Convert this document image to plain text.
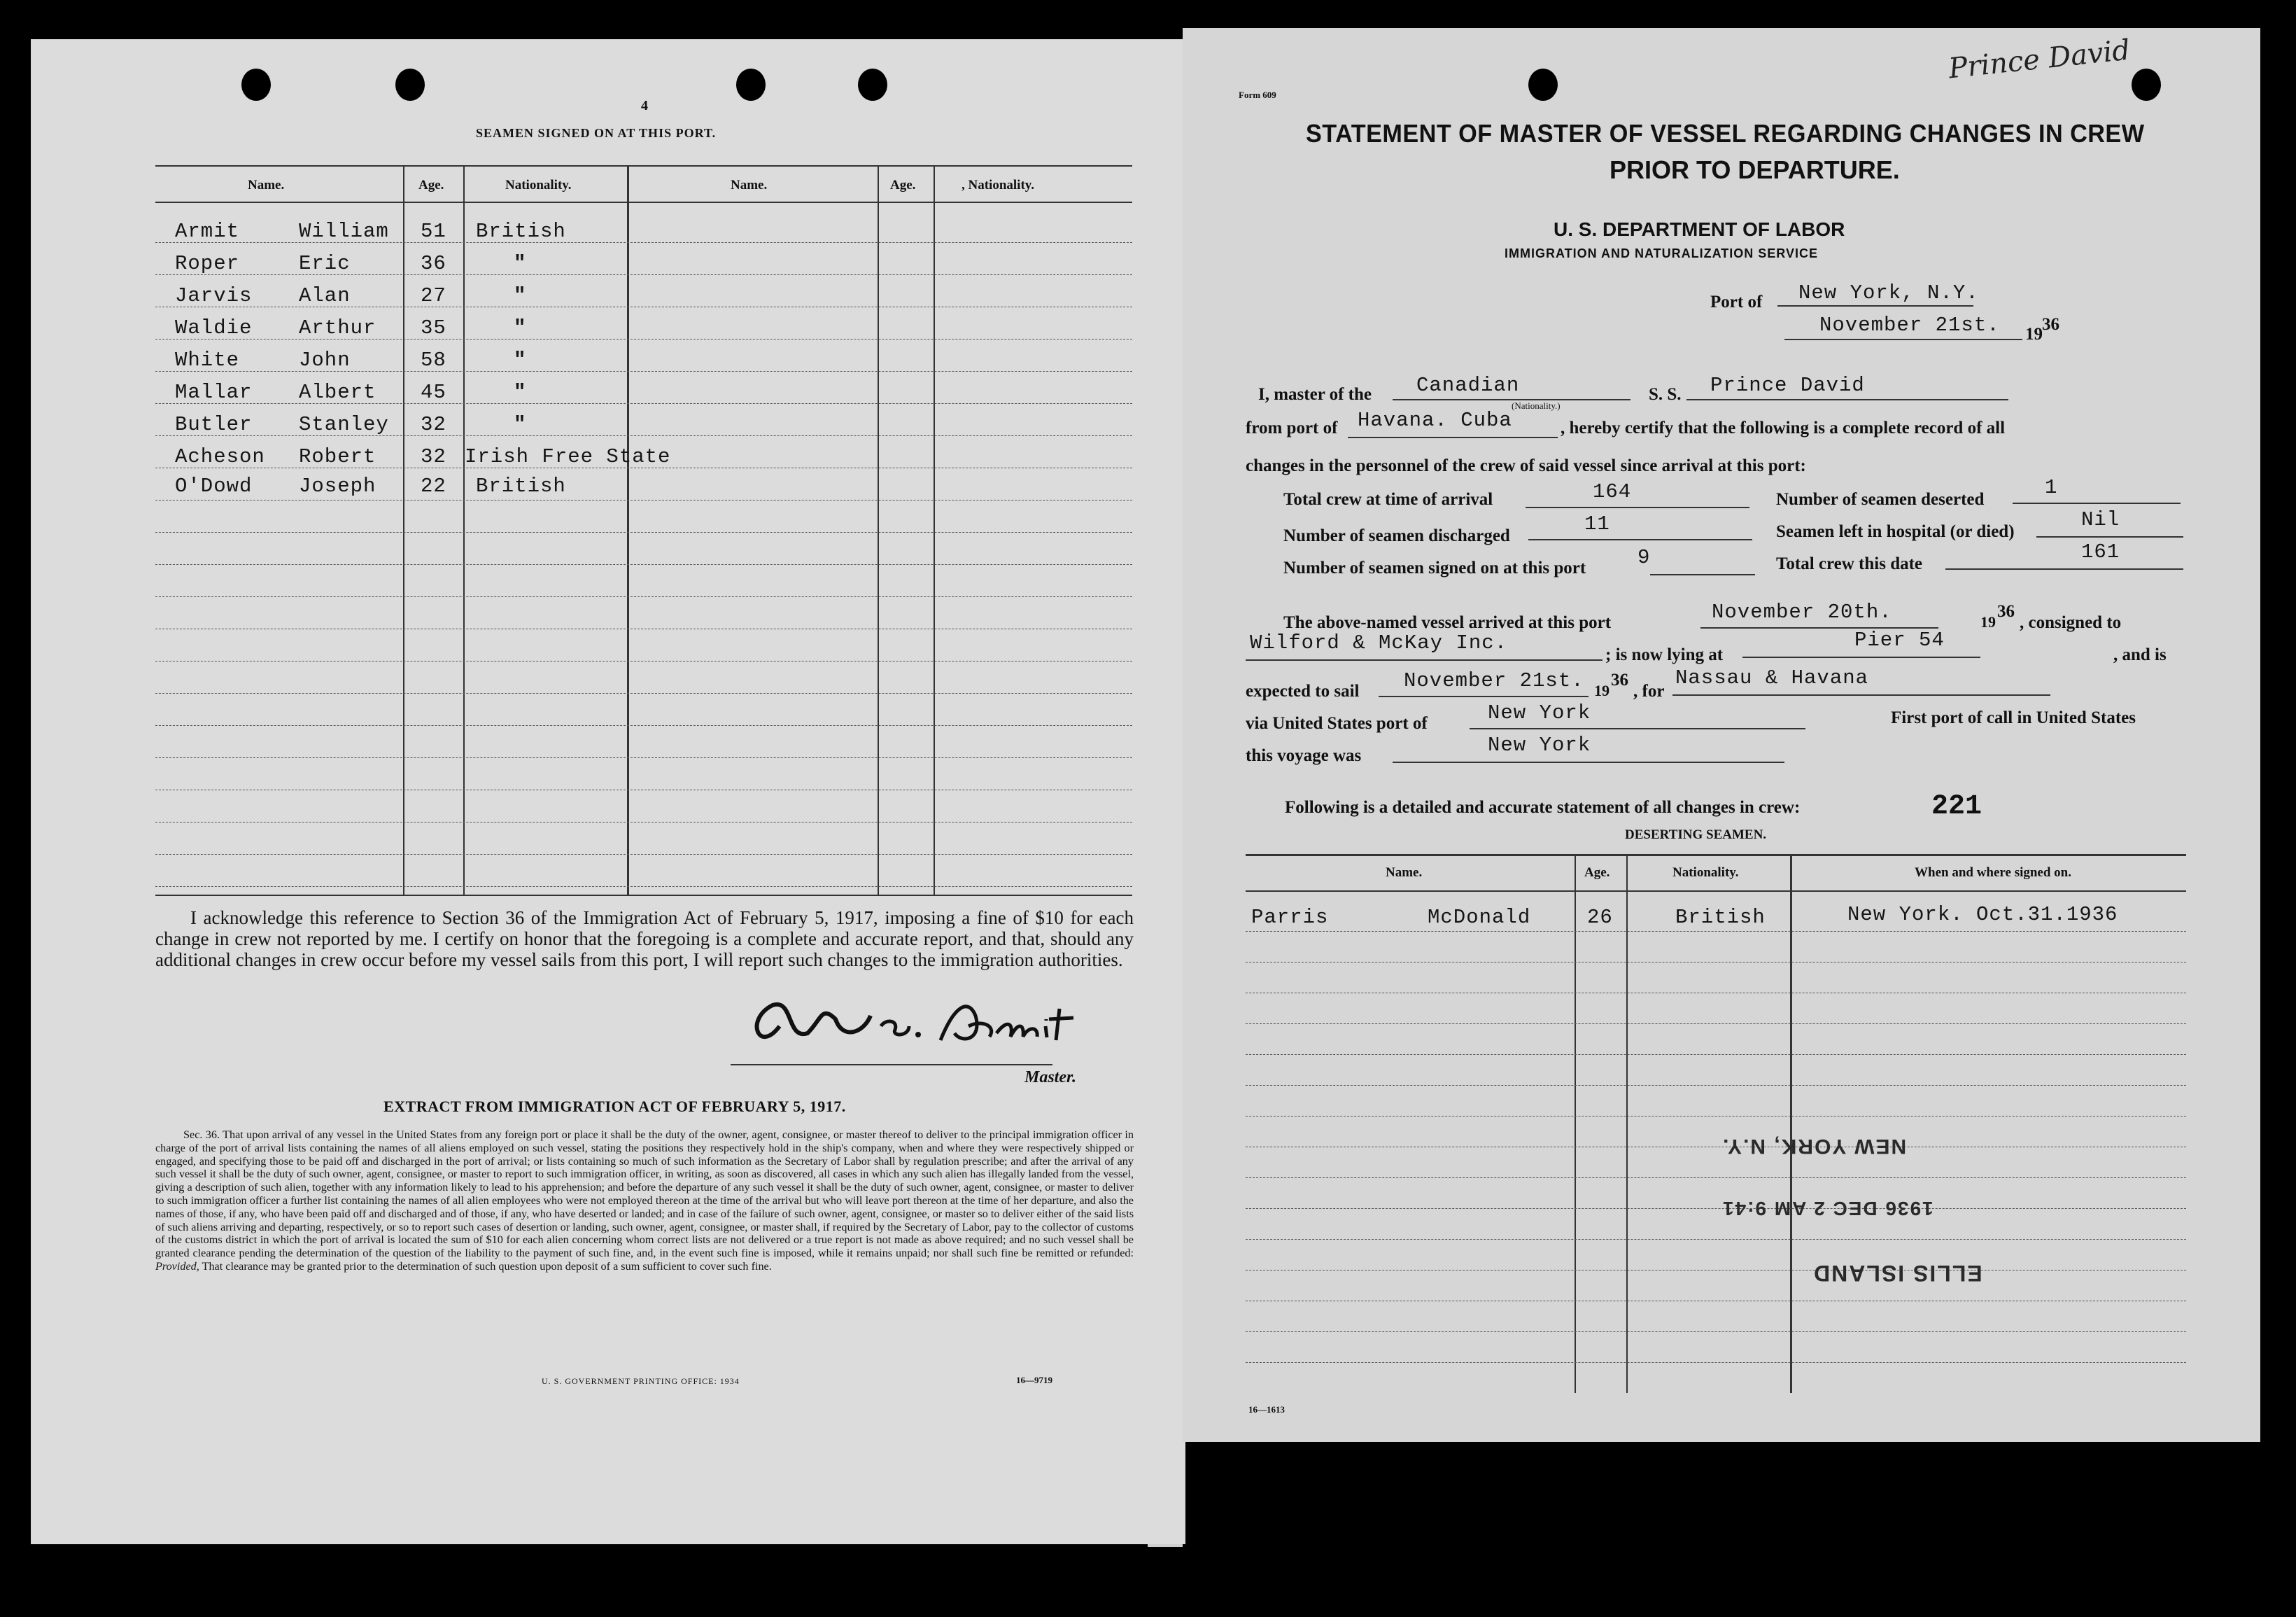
4
SEAMEN SIGNED ON AT THIS PORT.
Name.	Age.	Nationality.	Name.	Age.	, Nationality.
Armit	William 51 British
Roper	Eric	36	"
Jarvis Alan	27	"
Waldie Arthur 35	"
White	John	58	"
Mallar Albert 45	"
Butler Stanley 32	"
Acheson Robert 32 Irish Free State
O'Dowd Joseph 22 British
I acknowledge this reference to Section 36 of the Immigration Act of February 5, 1917, imposing a fine of $10 for each change in crew not reported by me. I certify on honor that the foregoing is a complete and accurate report, and that, should any additional changes in crew occur before my vessel sails from this port, I will report such changes to the immigration authorities.
Master.
EXTRACT FROM IMMIGRATION ACT OF FEBRUARY 5, 1917.
Sec. 36. That upon arrival of any vessel in the United States from any foreign port or place it shall be the duty of the owner, agent, consignee, or master thereof to deliver to the principal immigration officer in charge of the port of arrival lists containing the names of all aliens employed on such vessel, stating the positions they respectively hold in the ship's company, when and where they were respectively shipped or engaged, and specifying those to be paid off and discharged in the port of arrival; or lists containing so much of such information as the Secretary of Labor shall by regulation prescribe; and after the arrival of any such vessel it shall be the duty of such owner, agent, consignee, or master to report to such immigration officer, in writing, as soon as discovered, all cases in which any such alien has illegally landed from the vessel, giving a description of such alien, together with any information likely to lead to his apprehension; and before the departure of any such vessel it shall be the duty of such owner, agent, consignee, or master to deliver to such immigration officer a further list containing the names of all alien employees who were not employed thereon at the time of the arrival but who will leave port thereon at the time of her departure, and also the names of those, if any, who have been paid off and discharged and of those, if any, who have deserted or landed; and in case of the failure of such owner, agent, consignee, or master so to deliver either of the said lists of such aliens arriving and departing, respectively, or so to report such cases of desertion or landing, such owner, agent, consignee, or master shall, if required by the Secretary of Labor, pay to the collector of customs of the customs district in which the port of arrival is located the sum of $10 for each alien concerning whom correct lists are not delivered or a true report is not made as above required; and no such vessel shall be granted clearance pending the determination of the question of the liability to the payment of such fine, and, in the event such fine is imposed, while it remains unpaid; nor shall such fine be remitted or refunded: Provided, That clearance may be granted prior to the determination of such question upon deposit of a sum sufficient to cover such fine.
U. S. GOVERNMENT PRINTING OFFICE: 1934	16—9719
Form 609
Prince David
STATEMENT OF MASTER OF VESSEL REGARDING CHANGES IN CREW
PRIOR TO DEPARTURE.
U. S. DEPARTMENT OF LABOR
IMMIGRATION AND NATURALIZATION SERVICE
Port of New York, N.Y.
November 21st. 19
36
I, master of the Canadian
(Nationality.)
S. S. Prince David
from port of Havana. Cuba	, hereby certify that the following is a complete record of all
changes in the personnel of the crew of said vessel since arrival at this port:
Total crew at time of arrival	164	Number of seamen deserted
1
Number of seamen discharged
11	Seamen left in hospital (or died)
Nil
Number of seamen signed on at this port	9	Total crew this date
161
The above-named vessel arrived at this port	November 20th.	19
36
, consigned to
Wilford & McKay Inc.
; is now lying at
Pier 54
, and is
expected to sail November 21st. 19
36
, for
Nassau & Havana
via United States port of	New York	First port of call in United States
this voyage was	New York
Following is a detailed and accurate statement of all changes in crew:	221
DESERTING SEAMEN.
Name.	Age.	Nationality.	When and where signed on.
Parris	McDonald	26	British	New York. Oct.31.1936
NEW YORK, N.Y.
1936 DEC 2 AM 9:41
ELLIS ISLAND
16—1613
